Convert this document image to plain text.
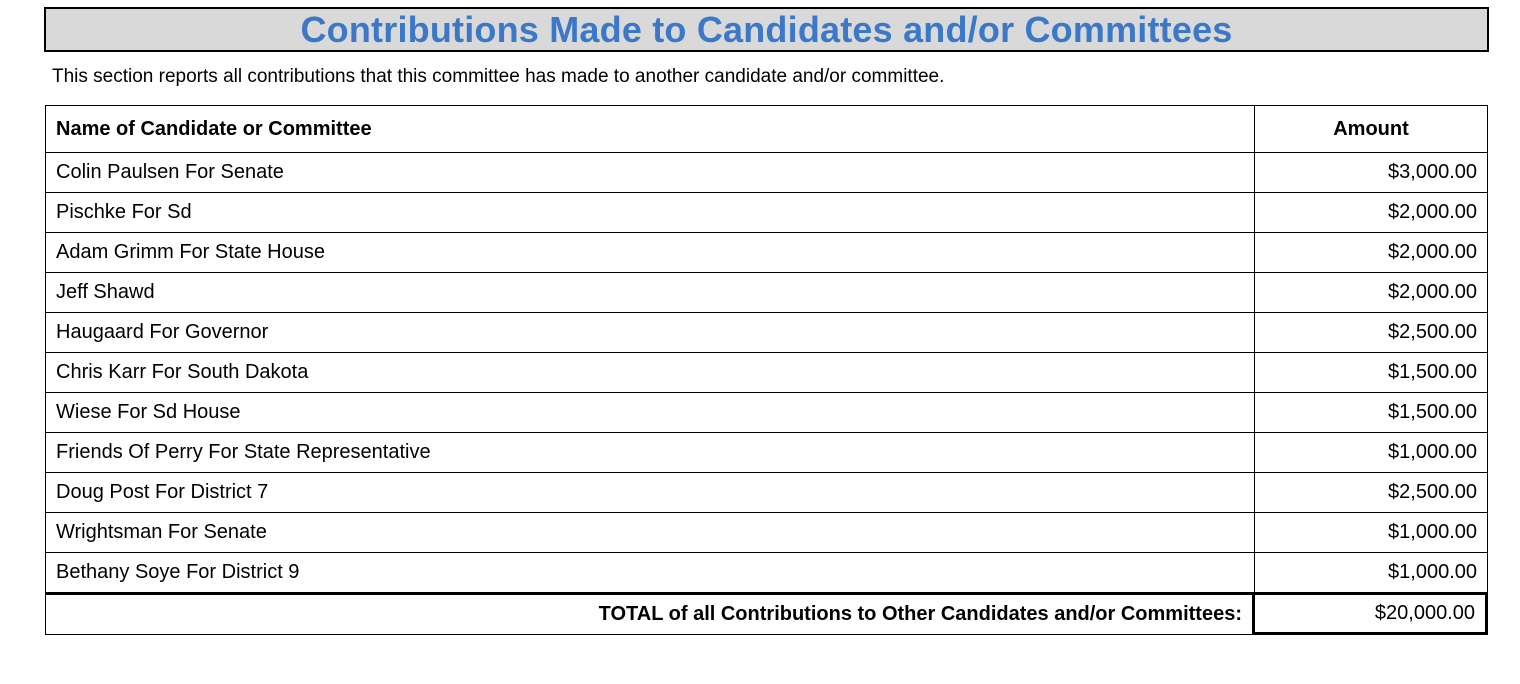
Contributions Made to Candidates and/or Committees

This section reports all contributions that this committee has made to another candidate and/or committee.

Name of Candidate or Committee	Amount
Colin Paulsen For Senate	$3,000.00
Pischke For Sd	$2,000.00
Adam Grimm For State House	$2,000.00
Jeff Shawd	$2,000.00
Haugaard For Governor	$2,500.00
Chris Karr For South Dakota	$1,500.00
Wiese For Sd House	$1,500.00
Friends Of Perry For State Representative	$1,000.00
Doug Post For District 7	$2,500.00
Wrightsman For Senate	$1,000.00
Bethany Soye For District 9	$1,000.00
TOTAL of all Contributions to Other Candidates and/or Committees:	$20,000.00
